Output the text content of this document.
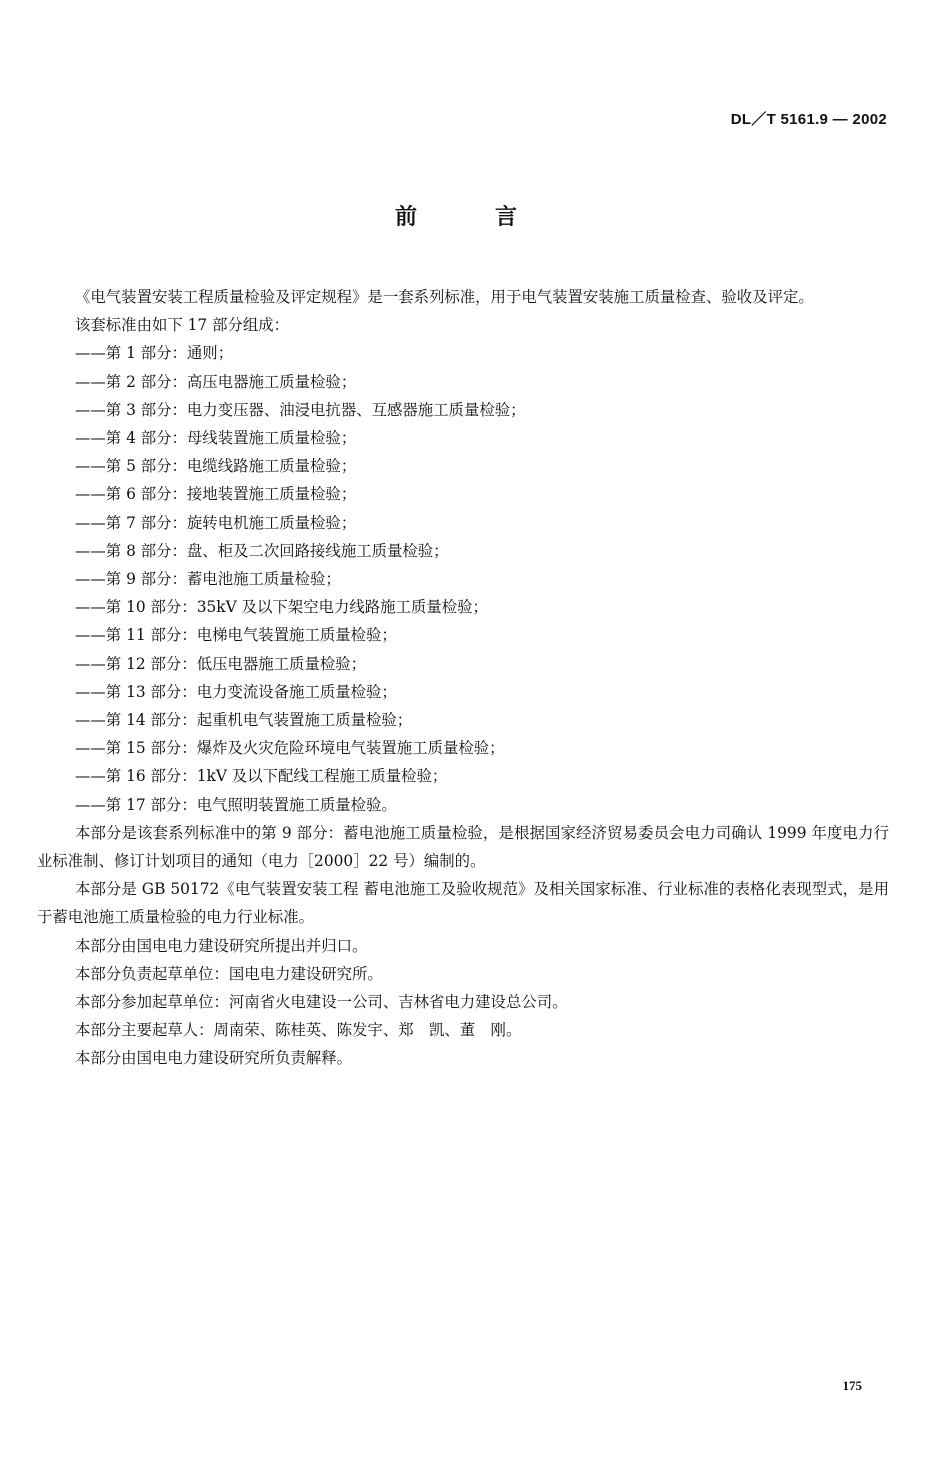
DL／T 5161.9 — 2002
前言

《电气装置安装工程质量检验及评定规程》是一套系列标准，用于电气装置安装施工质量检查、验收及评定。

该套标准由如下 17 部分组成：

——第 1 部分：通则；

——第 2 部分：高压电器施工质量检验；

——第 3 部分：电力变压器、油浸电抗器、互感器施工质量检验；

——第 4 部分：母线装置施工质量检验；

——第 5 部分：电缆线路施工质量检验；

——第 6 部分：接地装置施工质量检验；

——第 7 部分：旋转电机施工质量检验；

——第 8 部分：盘、柜及二次回路接线施工质量检验；

——第 9 部分：蓄电池施工质量检验；

——第 10 部分：35kV 及以下架空电力线路施工质量检验；

——第 11 部分：电梯电气装置施工质量检验；

——第 12 部分：低压电器施工质量检验；

——第 13 部分：电力变流设备施工质量检验；

——第 14 部分：起重机电气装置施工质量检验；

——第 15 部分：爆炸及火灾危险环境电气装置施工质量检验；

——第 16 部分：1kV 及以下配线工程施工质量检验；

——第 17 部分：电气照明装置施工质量检验。

本部分是该套系列标准中的第 9 部分：蓄电池施工质量检验，是根据国家经济贸易委员会电力司确认 1999 年度电力行业标准制、修订计划项目的通知（电力［2000］22 号）编制的。

本部分是 GB 50172《电气装置安装工程 蓄电池施工及验收规范》及相关国家标准、行业标准的表格化表现型式，是用于蓄电池施工质量检验的电力行业标准。

本部分由国电电力建设研究所提出并归口。

本部分负责起草单位：国电电力建设研究所。

本部分参加起草单位：河南省火电建设一公司、吉林省电力建设总公司。

本部分主要起草人：周南荣、陈桂英、陈发宇、郑　凯、董　刚。

本部分由国电电力建设研究所负责解释。

175
